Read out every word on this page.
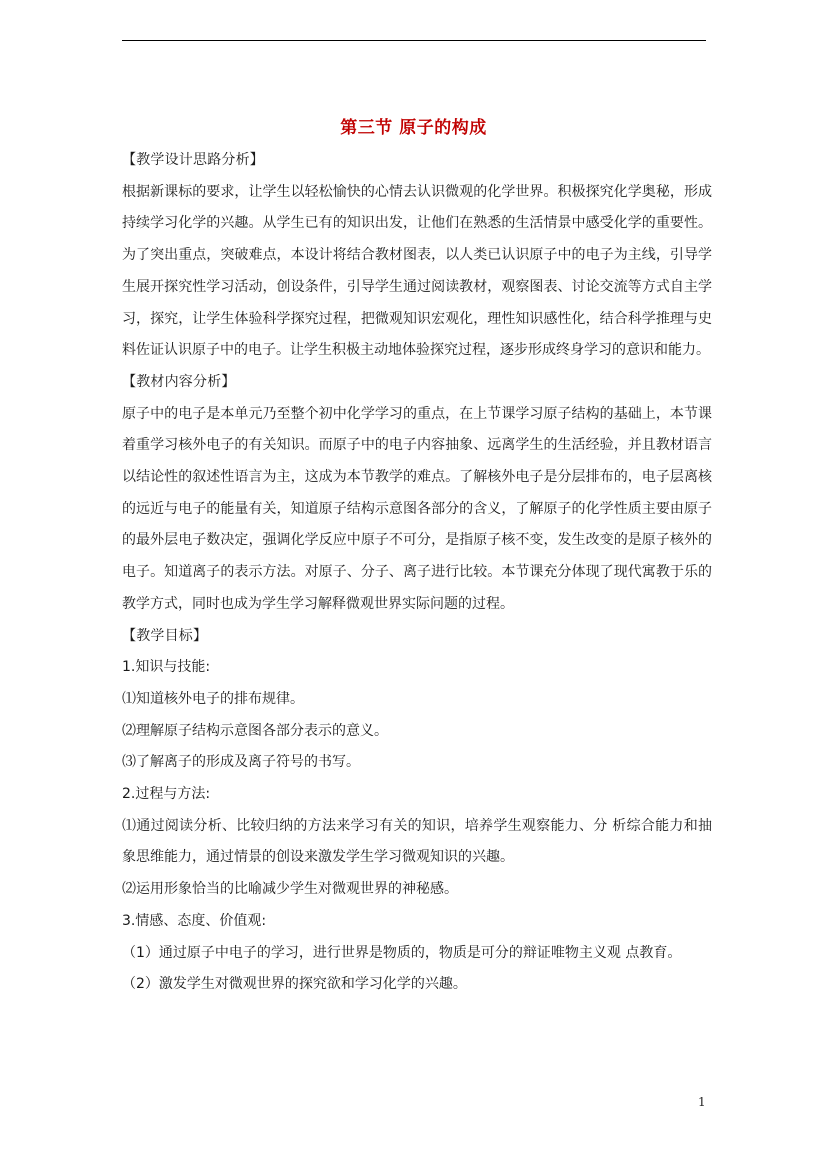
第三节 原子的构成

【教学设计思路分析】

根据新课标的要求，让学生以轻松愉快的心情去认识微观的化学世界。积极探究化学奥秘，形成持续学习化学的兴趣。从学生已有的知识出发，让他们在熟悉的生活情景中感受化学的重要性。为了突出重点，突破难点，本设计将结合教材图表，以人类已认识原子中的电子为主线，引导学生展开探究性学习活动，创设条件，引导学生通过阅读教材，观察图表、讨论交流等方式自主学习，探究，让学生体验科学探究过程，把微观知识宏观化，理性知识感性化，结合科学推理与史料佐证认识原子中的电子。让学生积极主动地体验探究过程，逐步形成终身学习的意识和能力。

【教材内容分析】

原子中的电子是本单元乃至整个初中化学学习的重点，在上节课学习原子结构的基础上，本节课着重学习核外电子的有关知识。而原子中的电子内容抽象、远离学生的生活经验，并且教材语言以结论性的叙述性语言为主，这成为本节教学的难点。了解核外电子是分层排布的，电子层离核的远近与电子的能量有关，知道原子结构示意图各部分的含义，了解原子的化学性质主要由原子的最外层电子数决定，强调化学反应中原子不可分，是指原子核不变，发生改变的是原子核外的电子。知道离子的表示方法。对原子、分子、离子进行比较。本节课充分体现了现代寓教于乐的教学方式，同时也成为学生学习解释微观世界实际问题的过程。

【教学目标】

1.知识与技能:

⑴知道核外电子的排布规律。

⑵理解原子结构示意图各部分表示的意义。

⑶了解离子的形成及离子符号的书写。

2.过程与方法:

⑴通过阅读分析、比较归纳的方法来学习有关的知识，培养学生观察能力、分 析综合能力和抽象思维能力，通过情景的创设来激发学生学习微观知识的兴趣。

⑵运用形象恰当的比喻减少学生对微观世界的神秘感。

3.情感、态度、价值观:

（1）通过原子中电子的学习，进行世界是物质的，物质是可分的辩证唯物主义观 点教育。

（2）激发学生对微观世界的探究欲和学习化学的兴趣。

1
